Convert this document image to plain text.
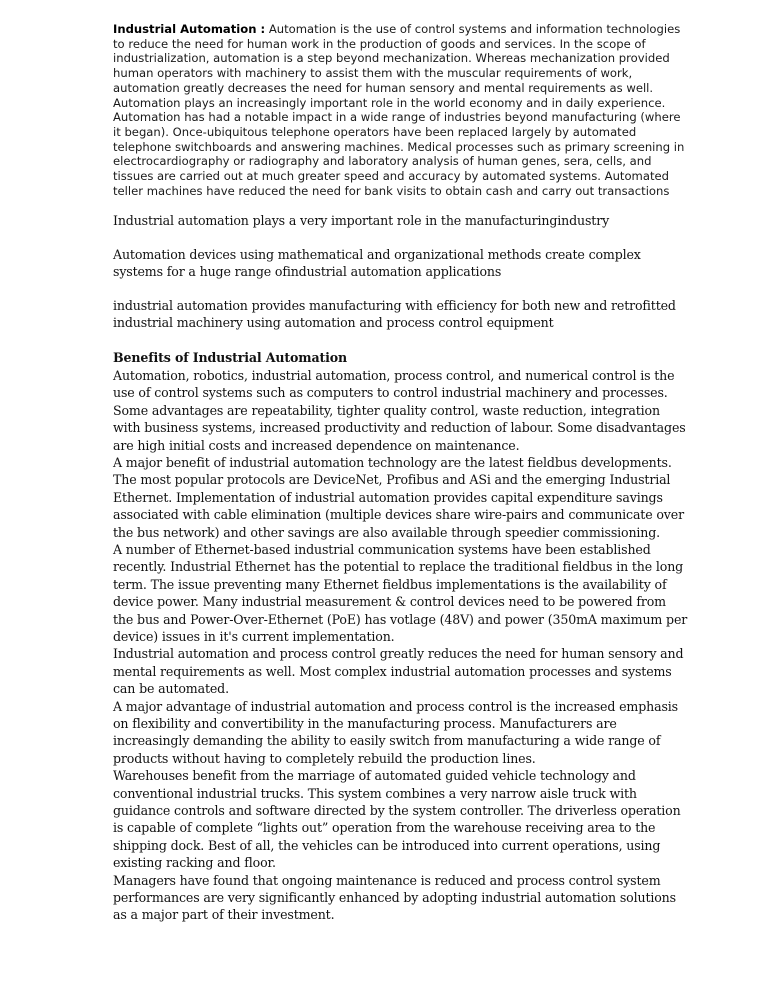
Industrial Automation : Automation is the use of control systems and information technologies to reduce the need for human work in the production of goods and services. In the scope of industrialization, automation is a step beyond mechanization. Whereas mechanization provided human operators with machinery to assist them with the muscular requirements of work, automation greatly decreases the need for human sensory and mental requirements as well. Automation plays an increasingly important role in the world economy and in daily experience.

Automation has had a notable impact in a wide range of industries beyond manufacturing (where it began). Once-ubiquitous telephone operators have been replaced largely by automated telephone switchboards and answering machines. Medical processes such as primary screening in electrocardiography or radiography and laboratory analysis of human genes, sera, cells, and tissues are carried out at much greater speed and accuracy by automated systems. Automated teller machines have reduced the need for bank visits to obtain cash and carry out transactions

Industrial automation plays a very important role in the manufacturingindustry

Automation devices using mathematical and organizational methods create complex systems for a huge range ofindustrial automation applications

industrial automation provides manufacturing with efficiency for both new and retrofitted industrial machinery using automation and process control equipment

Benefits of Industrial Automation

Automation, robotics, industrial automation, process control, and numerical control is the use of control systems such as computers to control industrial machinery and processes.

Some advantages are repeatability, tighter quality control, waste reduction, integration with business systems, increased productivity and reduction of labour. Some disadvantages are high initial costs and increased dependence on maintenance.

A major benefit of industrial automation technology are the latest fieldbus developments. The most popular protocols are DeviceNet, Profibus and ASi and the emerging Industrial Ethernet. Implementation of industrial automation provides capital expenditure savings associated with cable elimination (multiple devices share wire-pairs and communicate over the bus network) and other savings are also available through speedier commissioning.

A number of Ethernet-based industrial communication systems have been established recently. Industrial Ethernet has the potential to replace the traditional fieldbus in the long term. The issue preventing many Ethernet fieldbus implementations is the availability of device power. Many industrial measurement & control devices need to be powered from the bus and Power-Over-Ethernet (PoE) has votlage (48V) and power (350mA maximum per device) issues in it's current implementation.

Industrial automation and process control greatly reduces the need for human sensory and mental requirements as well. Most complex industrial automation processes and systems can be automated.

A major advantage of industrial automation and process control is the increased emphasis on flexibility and convertibility in the manufacturing process. Manufacturers are increasingly demanding the ability to easily switch from manufacturing a wide range of products without having to completely rebuild the production lines.

Warehouses benefit from the marriage of automated guided vehicle technology and conventional industrial trucks. This system combines a very narrow aisle truck with guidance controls and software directed by the system controller. The driverless operation is capable of complete “lights out” operation from the warehouse receiving area to the shipping dock. Best of all, the vehicles can be introduced into current operations, using existing racking and floor.

Managers have found that ongoing maintenance is reduced and process control system performances are very significantly enhanced by adopting industrial automation solutions as a major part of their investment.
